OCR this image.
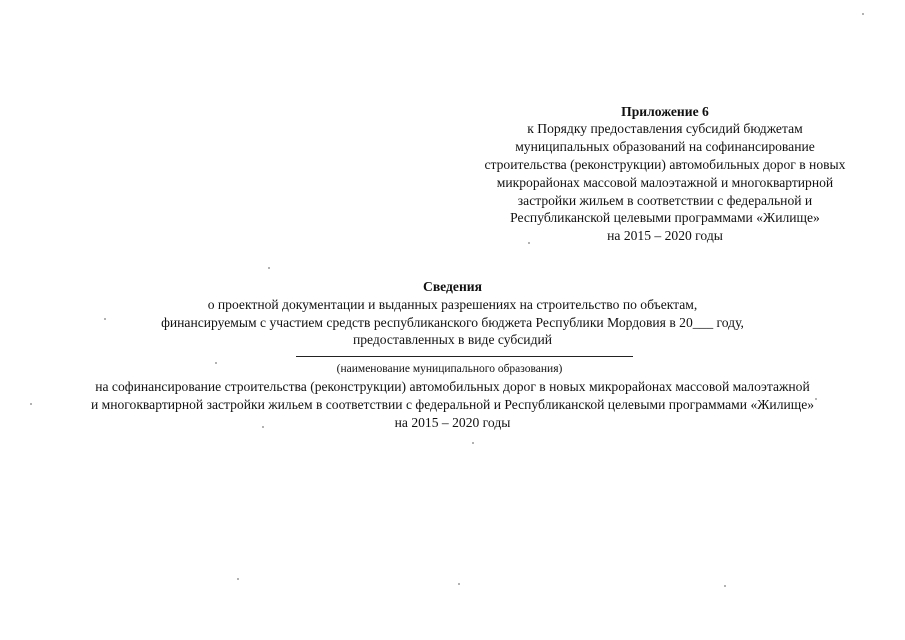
Приложение 6
к Порядку предоставления субсидий бюджетам
муниципальных образований на софинансирование
строительства (реконструкции) автомобильных дорог в новых
микрорайонах массовой малоэтажной и многоквартирной
застройки жильем в соответствии с федеральной и
Республиканской целевыми программами «Жилище»
на 2015 – 2020 годы
Сведения
о проектной документации и выданных разрешениях на строительство по объектам,
финансируемым с участием средств республиканского бюджета Республики Мордовия в 20___ году,
предоставленных в виде субсидий
(наименование муниципального образования)
на софинансирование строительства (реконструкции) автомобильных дорог в новых микрорайонах массовой малоэтажной
и многоквартирной застройки жильем в соответствии с федеральной и Республиканской целевыми программами «Жилище»
на 2015 – 2020 годы
